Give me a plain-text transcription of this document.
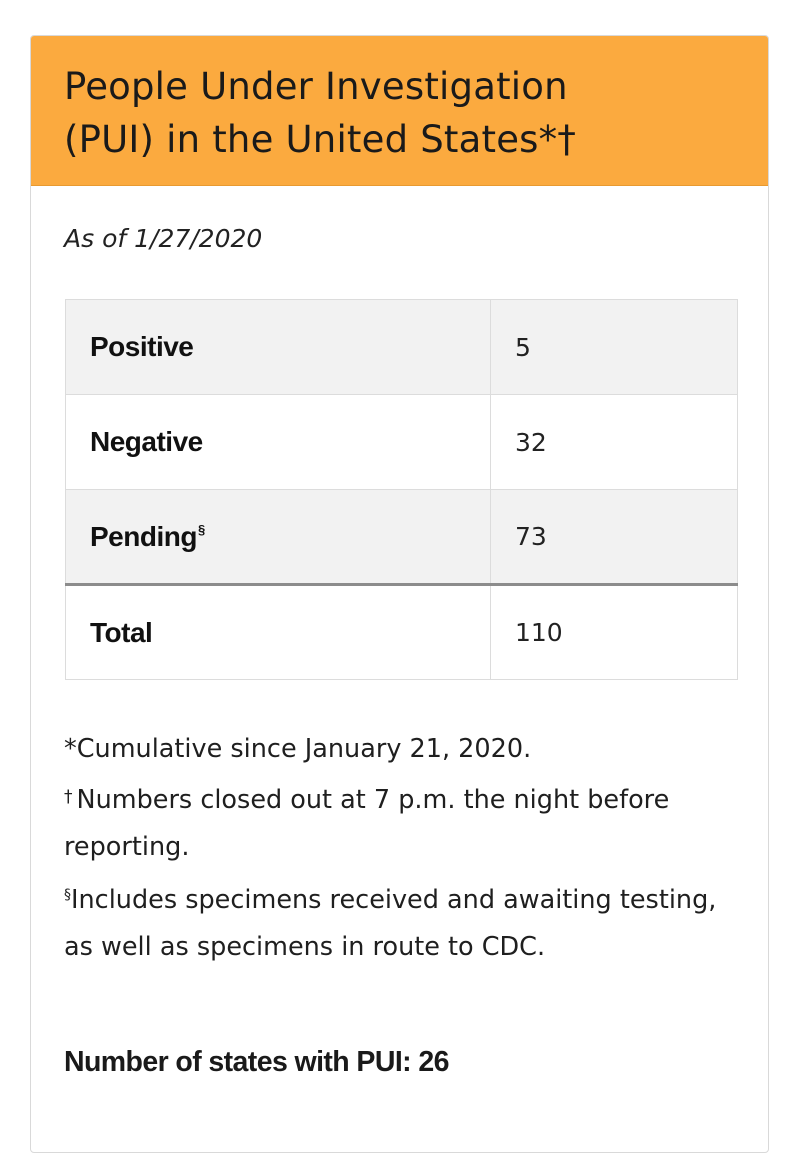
People Under Investigation
(PUI) in the United States*†
As of 1/27/2020
Positive	5
Negative	32
Pending§	73
Total	110

*Cumulative since January 21, 2020.

† Numbers closed out at 7 p.m. the night before reporting.

§Includes specimens received and awaiting testing, as well as specimens in route to CDC.

Number of states with PUI: 26
